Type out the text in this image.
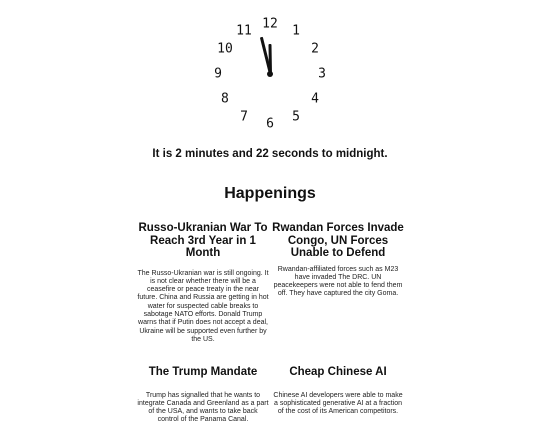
12 1
2
3
4
5
6
7
8
9
10
11
It is 2 minutes and 22 seconds to midnight.
Happenings

Russo-Ukranian War To Reach 3rd Year in 1 Month

The Russo-Ukranian war is still ongoing. It is not clear whether there will be a ceasefire or peace treaty in the near future. China and Russia are getting in hot water for suspected cable breaks to sabotage NATO efforts. Donald Trump warns that if Putin does not accept a deal, Ukraine will be supported even further by the US.

Rwandan Forces Invade Congo, UN Forces Unable to Defend

Rwandan-affiliated forces such as M23 have invaded The DRC. UN peacekeepers were not able to fend them off. They have captured the city Goma.

The Trump Mandate

Trump has signalled that he wants to integrate Canada and Greenland as a part of the USA, and wants to take back control of the Panama Canal.

Cheap Chinese AI

Chinese AI developers were able to make a sophisticated generative AI at a fraction of the cost of its American competitors.
